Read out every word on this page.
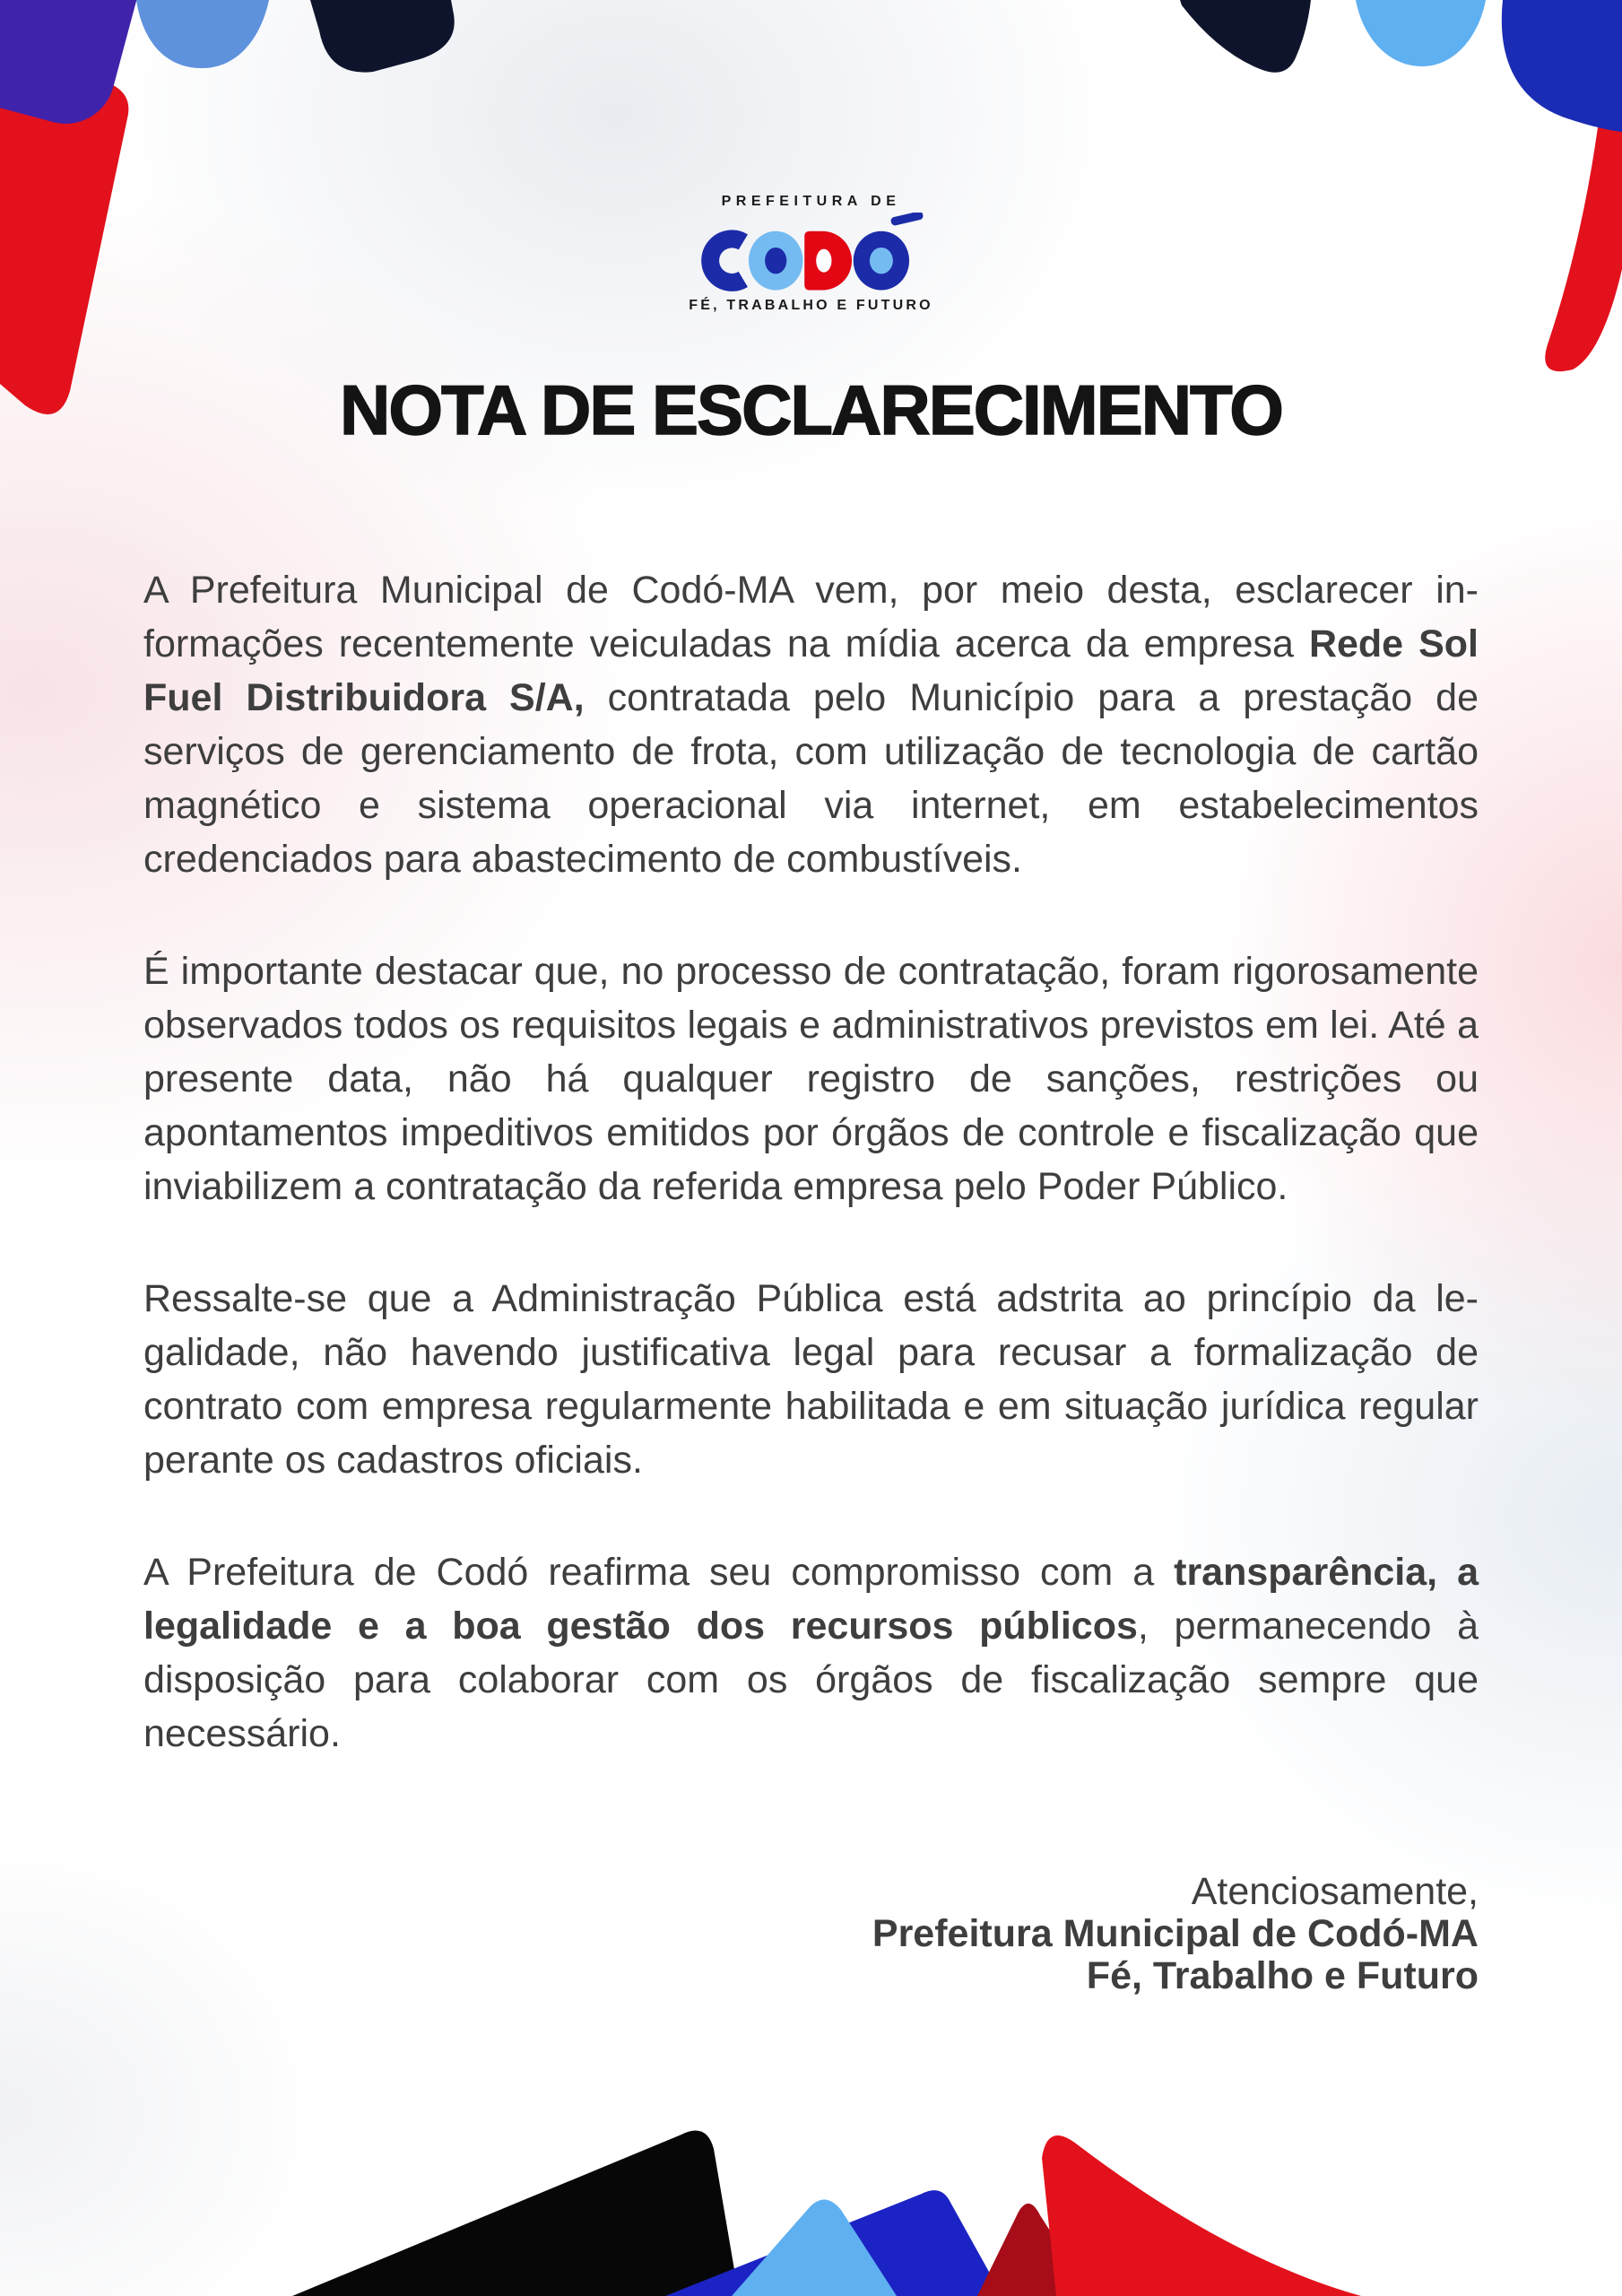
PREFEITURA DE
FÉ, TRABALHO E FUTURO
NOTA DE ESCLARECIMENTO

A Prefeitura Municipal de Codó-MA vem, por meio desta, esclarecer informações recentemente veiculadas na mídia acerca da empresa Rede Sol Fuel Distribuidora S/A, contratada pelo Município para a prestação de serviços de gerenciamento de frota, com utilização de tecnologia de cartão magnético e sistema operacional via internet, em estabelecimentos credenciados para abastecimento de combustíveis.

É importante destacar que, no processo de contratação, foram rigorosamente observados todos os requisitos legais e administrativos previstos em lei. Até a presente data, não há qualquer registro de sanções, restrições ou apontamentos impeditivos emitidos por órgãos de controle e fiscalização que inviabilizem a contratação da referida empresa pelo Poder Público.

Ressalte-se que a Administração Pública está adstrita ao princípio da legalidade, não havendo justificativa legal para recusar a formalização de contrato com empresa regularmente habilitada e em situação jurídica regular perante os cadastros oficiais.

A Prefeitura de Codó reafirma seu compromisso com a transparência, a legalidade e a boa gestão dos recursos públicos, permanecendo à disposição para colaborar com os órgãos de fiscalização sempre que necessário.

Atenciosamente,
Prefeitura Municipal de Codó-MA
Fé, Trabalho e Futuro
